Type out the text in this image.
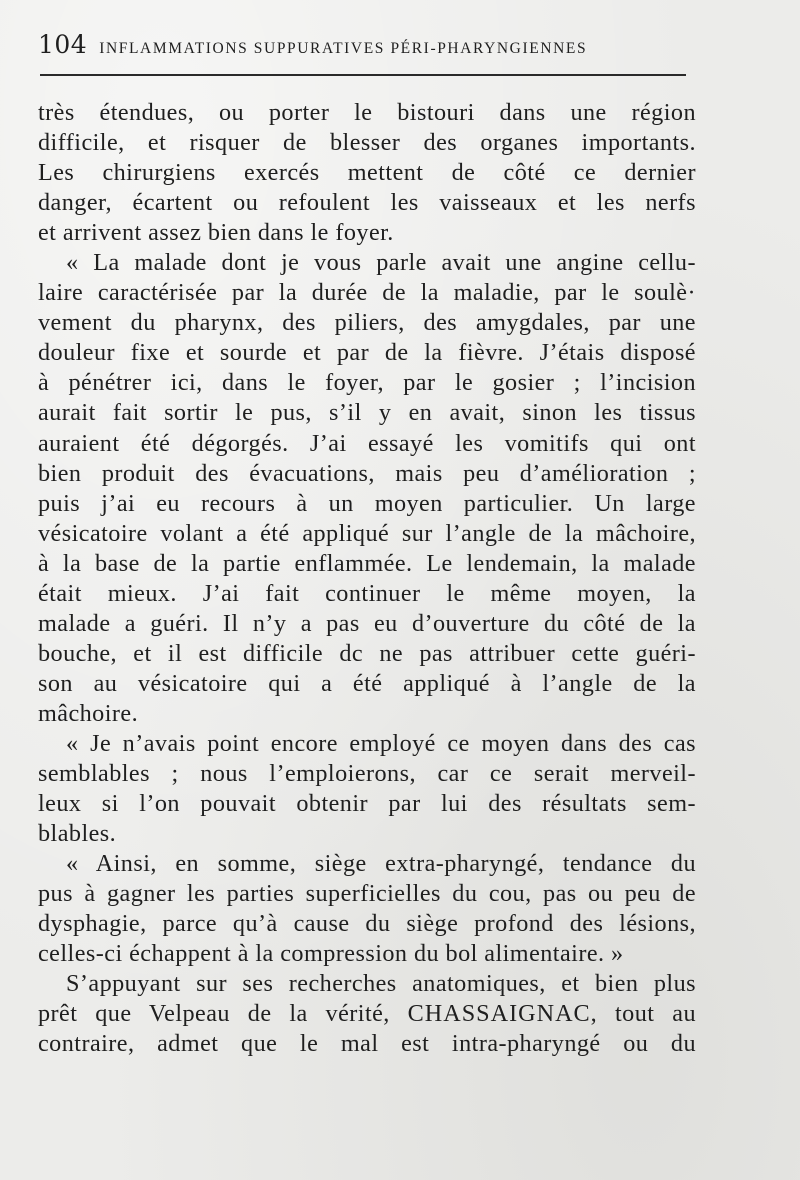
104 INFLAMMATIONS SUPPURATIVES PÉRI-PHARYNGIENNES
très étendues, ou porter le bistouri dans une région
difficile, et risquer de blesser des organes importants.
Les chirurgiens exercés mettent de côté ce dernier
danger, écartent ou refoulent les vaisseaux et les nerfs
et arrivent assez bien dans le foyer.
« La malade dont je vous parle avait une angine cellu-
laire caractérisée par la durée de la maladie, par le soulè·
vement du pharynx, des piliers, des amygdales, par une
douleur fixe et sourde et par de la fièvre. J’étais disposé
à pénétrer ici, dans le foyer, par le gosier ; l’incision
aurait fait sortir le pus, s’il y en avait, sinon les tissus
auraient été dégorgés. J’ai essayé les vomitifs qui ont
bien produit des évacuations, mais peu d’amélioration ;
puis j’ai eu recours à un moyen particulier. Un large
vésicatoire volant a été appliqué sur l’angle de la mâchoire,
à la base de la partie enflammée. Le lendemain, la malade
était mieux. J’ai fait continuer le même moyen, la
malade a guéri. Il n’y a pas eu d’ouverture du côté de la
bouche, et il est difficile dc ne pas attribuer cette guéri-
son au vésicatoire qui a été appliqué à l’angle de la
mâchoire.
« Je n’avais point encore employé ce moyen dans des cas
semblables ; nous l’emploierons, car ce serait merveil-
leux si l’on pouvait obtenir par lui des résultats sem-
blables.
« Ainsi, en somme, siège extra-pharyngé, tendance du
pus à gagner les parties superficielles du cou, pas ou peu de
dysphagie, parce qu’à cause du siège profond des lésions,
celles-ci échappent à la compression du bol alimentaire. »
S’appuyant sur ses recherches anatomiques, et bien plus
prêt que Velpeau de la vérité, CHASSAIGNAC, tout au
contraire, admet que le mal est intra-pharyngé ou du
